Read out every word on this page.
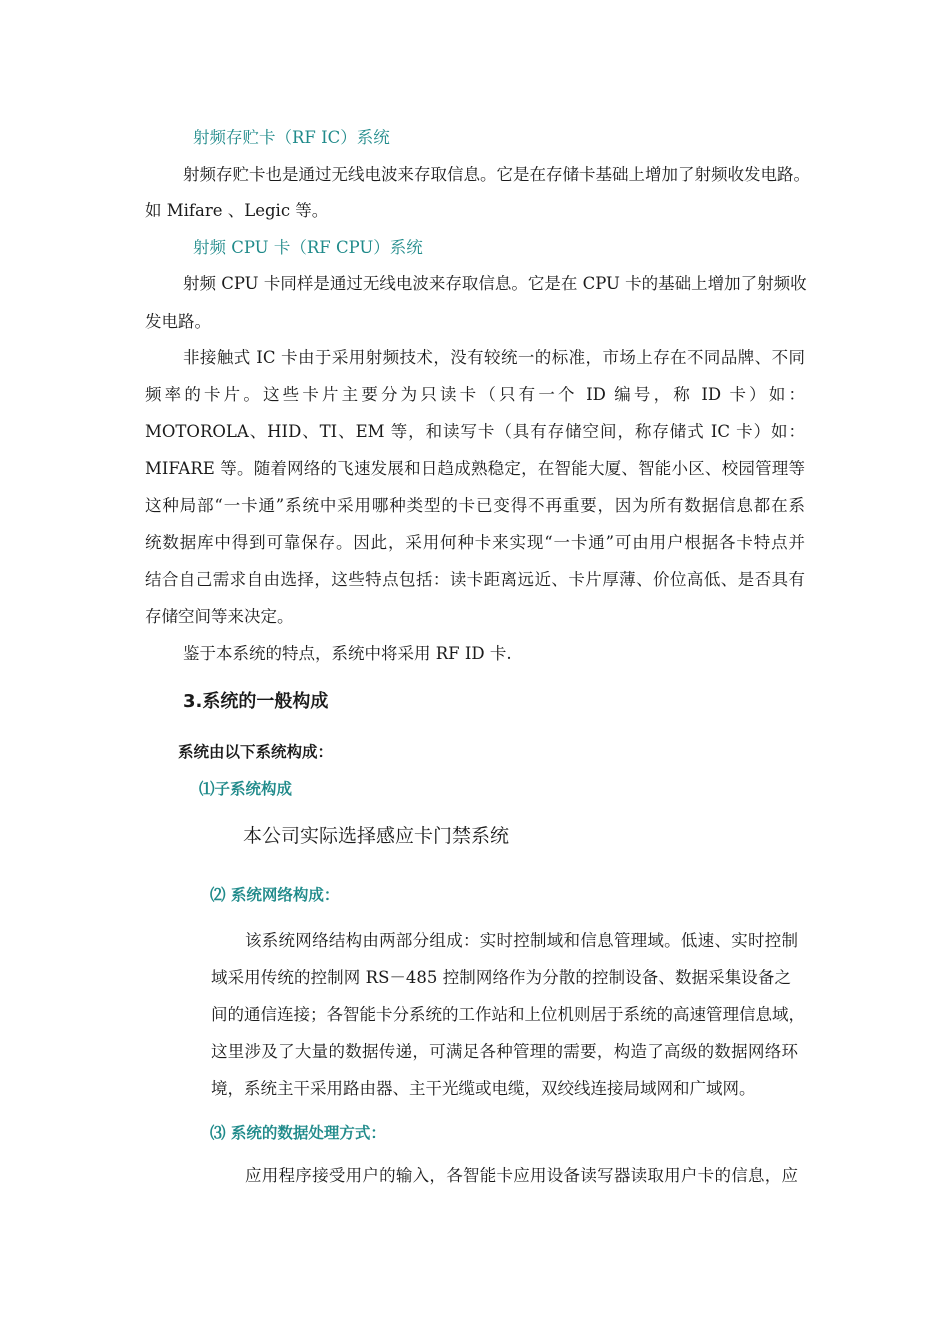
射频存贮卡（RF IC）系统
射频存贮卡也是通过无线电波来存取信息。它是在存储卡基础上增加了射频收发电路。
如 Mifare 、Legic 等。
射频 CPU 卡（RF CPU）系统
射频 CPU 卡同样是通过无线电波来存取信息。它是在 CPU 卡的基础上增加了射频收
发电路。
非接触式 IC 卡由于采用射频技术，没有较统一的标准，市场上存在不同品牌、不同
频率的卡片。这些卡片主要分为只读卡（只有一个 ID 编号，称 ID 卡）如：
MOTOROLA、HID、TI、EM 等，和读写卡（具有存储空间，称存储式 IC 卡）如：
MIFARE 等。随着网络的飞速发展和日趋成熟稳定，在智能大厦、智能小区、校园管理等
这种局部“一卡通”系统中采用哪种类型的卡已变得不再重要，因为所有数据信息都在系
统数据库中得到可靠保存。因此，采用何种卡来实现“一卡通”可由用户根据各卡特点并
结合自己需求自由选择，这些特点包括：读卡距离远近、卡片厚薄、价位高低、是否具有
存储空间等来决定。
鉴于本系统的特点，系统中将采用 RF ID 卡.
3.系统的一般构成
系统由以下系统构成：
⑴子系统构成
本公司实际选择感应卡门禁系统
⑵ 系统网络构成：
该系统网络结构由两部分组成：实时控制域和信息管理域。低速、实时控制
域采用传统的控制网 RS－485 控制网络作为分散的控制设备、数据采集设备之
间的通信连接；各智能卡分系统的工作站和上位机则居于系统的高速管理信息域，
这里涉及了大量的数据传递，可满足各种管理的需要，构造了高级的数据网络环
境，系统主干采用路由器、主干光缆或电缆，双绞线连接局域网和广域网。
⑶ 系统的数据处理方式：
应用程序接受用户的输入，各智能卡应用设备读写器读取用户卡的信息，应
